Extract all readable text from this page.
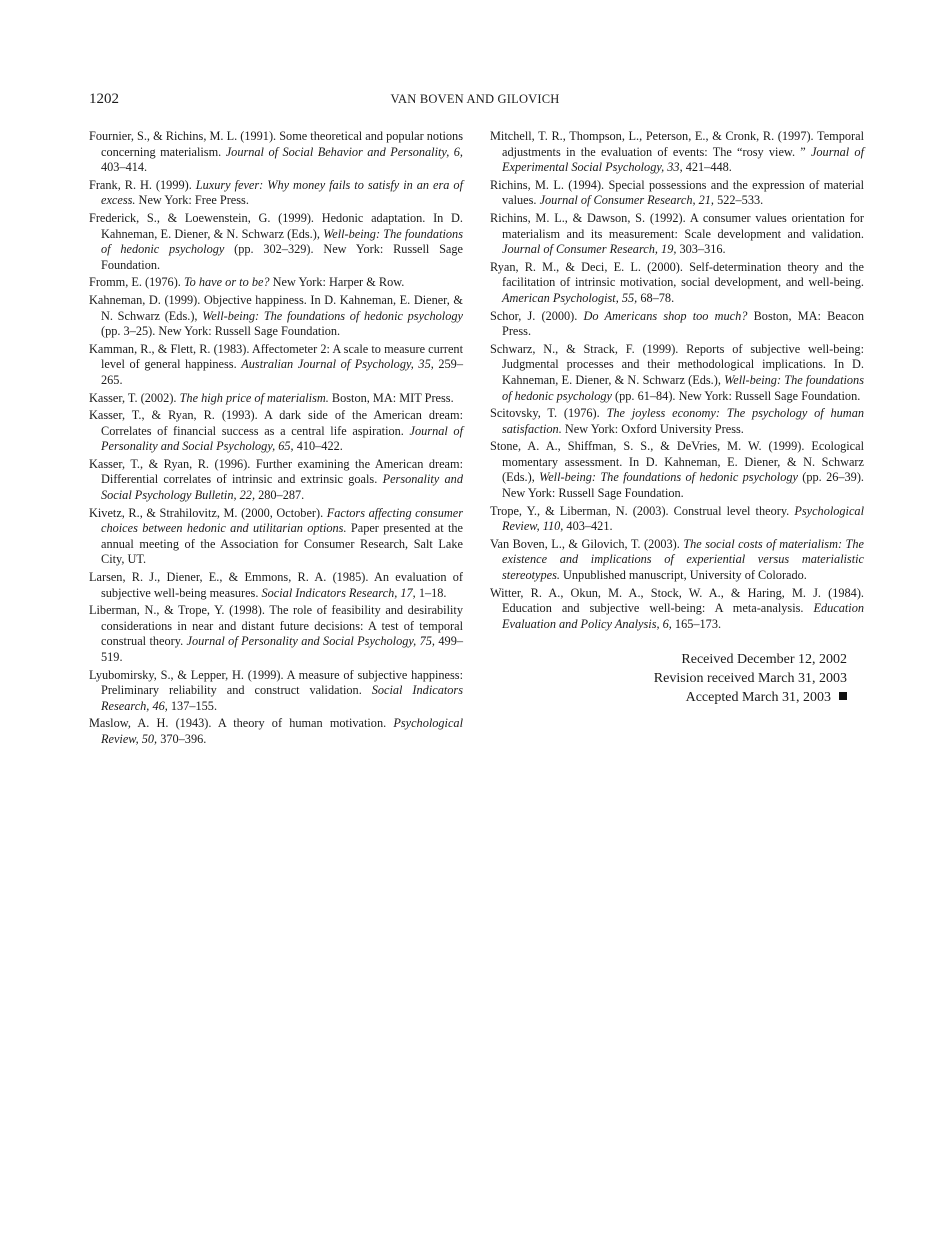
1202	VAN BOVEN AND GILOVICH

Fournier, S., & Richins, M. L. (1991). Some theoretical and popular notions concerning materialism. Journal of Social Behavior and Personality, 6, 403–414.

Frank, R. H. (1999). Luxury fever: Why money fails to satisfy in an era of excess. New York: Free Press.

Frederick, S., & Loewenstein, G. (1999). Hedonic adaptation. In D. Kahneman, E. Diener, & N. Schwarz (Eds.), Well-being: The foundations of hedonic psychology (pp. 302–329). New York: Russell Sage Foundation.

Fromm, E. (1976). To have or to be? New York: Harper & Row.

Kahneman, D. (1999). Objective happiness. In D. Kahneman, E. Diener, & N. Schwarz (Eds.), Well-being: The foundations of hedonic psychology (pp. 3–25). New York: Russell Sage Foundation.

Kamman, R., & Flett, R. (1983). Affectometer 2: A scale to measure current level of general happiness. Australian Journal of Psychology, 35, 259–265.

Kasser, T. (2002). The high price of materialism. Boston, MA: MIT Press.

Kasser, T., & Ryan, R. (1993). A dark side of the American dream: Correlates of financial success as a central life aspiration. Journal of Personality and Social Psychology, 65, 410–422.

Kasser, T., & Ryan, R. (1996). Further examining the American dream: Differential correlates of intrinsic and extrinsic goals. Personality and Social Psychology Bulletin, 22, 280–287.

Kivetz, R., & Strahilovitz, M. (2000, October). Factors affecting consumer choices between hedonic and utilitarian options. Paper presented at the annual meeting of the Association for Consumer Research, Salt Lake City, UT.

Larsen, R. J., Diener, E., & Emmons, R. A. (1985). An evaluation of subjective well-being measures. Social Indicators Research, 17, 1–18.

Liberman, N., & Trope, Y. (1998). The role of feasibility and desirability considerations in near and distant future decisions: A test of temporal construal theory. Journal of Personality and Social Psychology, 75, 499–519.

Lyubomirsky, S., & Lepper, H. (1999). A measure of subjective happiness: Preliminary reliability and construct validation. Social Indicators Research, 46, 137–155.

Maslow, A. H. (1943). A theory of human motivation. Psychological Review, 50, 370–396.

Mitchell, T. R., Thompson, L., Peterson, E., & Cronk, R. (1997). Temporal adjustments in the evaluation of events: The “rosy view. ” Journal of Experimental Social Psychology, 33, 421–448.

Richins, M. L. (1994). Special possessions and the expression of material values. Journal of Consumer Research, 21, 522–533.

Richins, M. L., & Dawson, S. (1992). A consumer values orientation for materialism and its measurement: Scale development and validation. Journal of Consumer Research, 19, 303–316.

Ryan, R. M., & Deci, E. L. (2000). Self-determination theory and the facilitation of intrinsic motivation, social development, and well-being. American Psychologist, 55, 68–78.

Schor, J. (2000). Do Americans shop too much? Boston, MA: Beacon Press.

Schwarz, N., & Strack, F. (1999). Reports of subjective well-being: Judgmental processes and their methodological implications. In D. Kahneman, E. Diener, & N. Schwarz (Eds.), Well-being: The foundations of hedonic psychology (pp. 61–84). New York: Russell Sage Foundation.

Scitovsky, T. (1976). The joyless economy: The psychology of human satisfaction. New York: Oxford University Press.

Stone, A. A., Shiffman, S. S., & DeVries, M. W. (1999). Ecological momentary assessment. In D. Kahneman, E. Diener, & N. Schwarz (Eds.), Well-being: The foundations of hedonic psychology (pp. 26–39). New York: Russell Sage Foundation.

Trope, Y., & Liberman, N. (2003). Construal level theory. Psychological Review, 110, 403–421.

Van Boven, L., & Gilovich, T. (2003). The social costs of materialism: The existence and implications of experiential versus materialistic stereotypes. Unpublished manuscript, University of Colorado.

Witter, R. A., Okun, M. A., Stock, W. A., & Haring, M. J. (1984). Education and subjective well-being: A meta-analysis. Education Evaluation and Policy Analysis, 6, 165–173.

Received December 12, 2002
Revision received March 31, 2003
Accepted March 31, 2003
